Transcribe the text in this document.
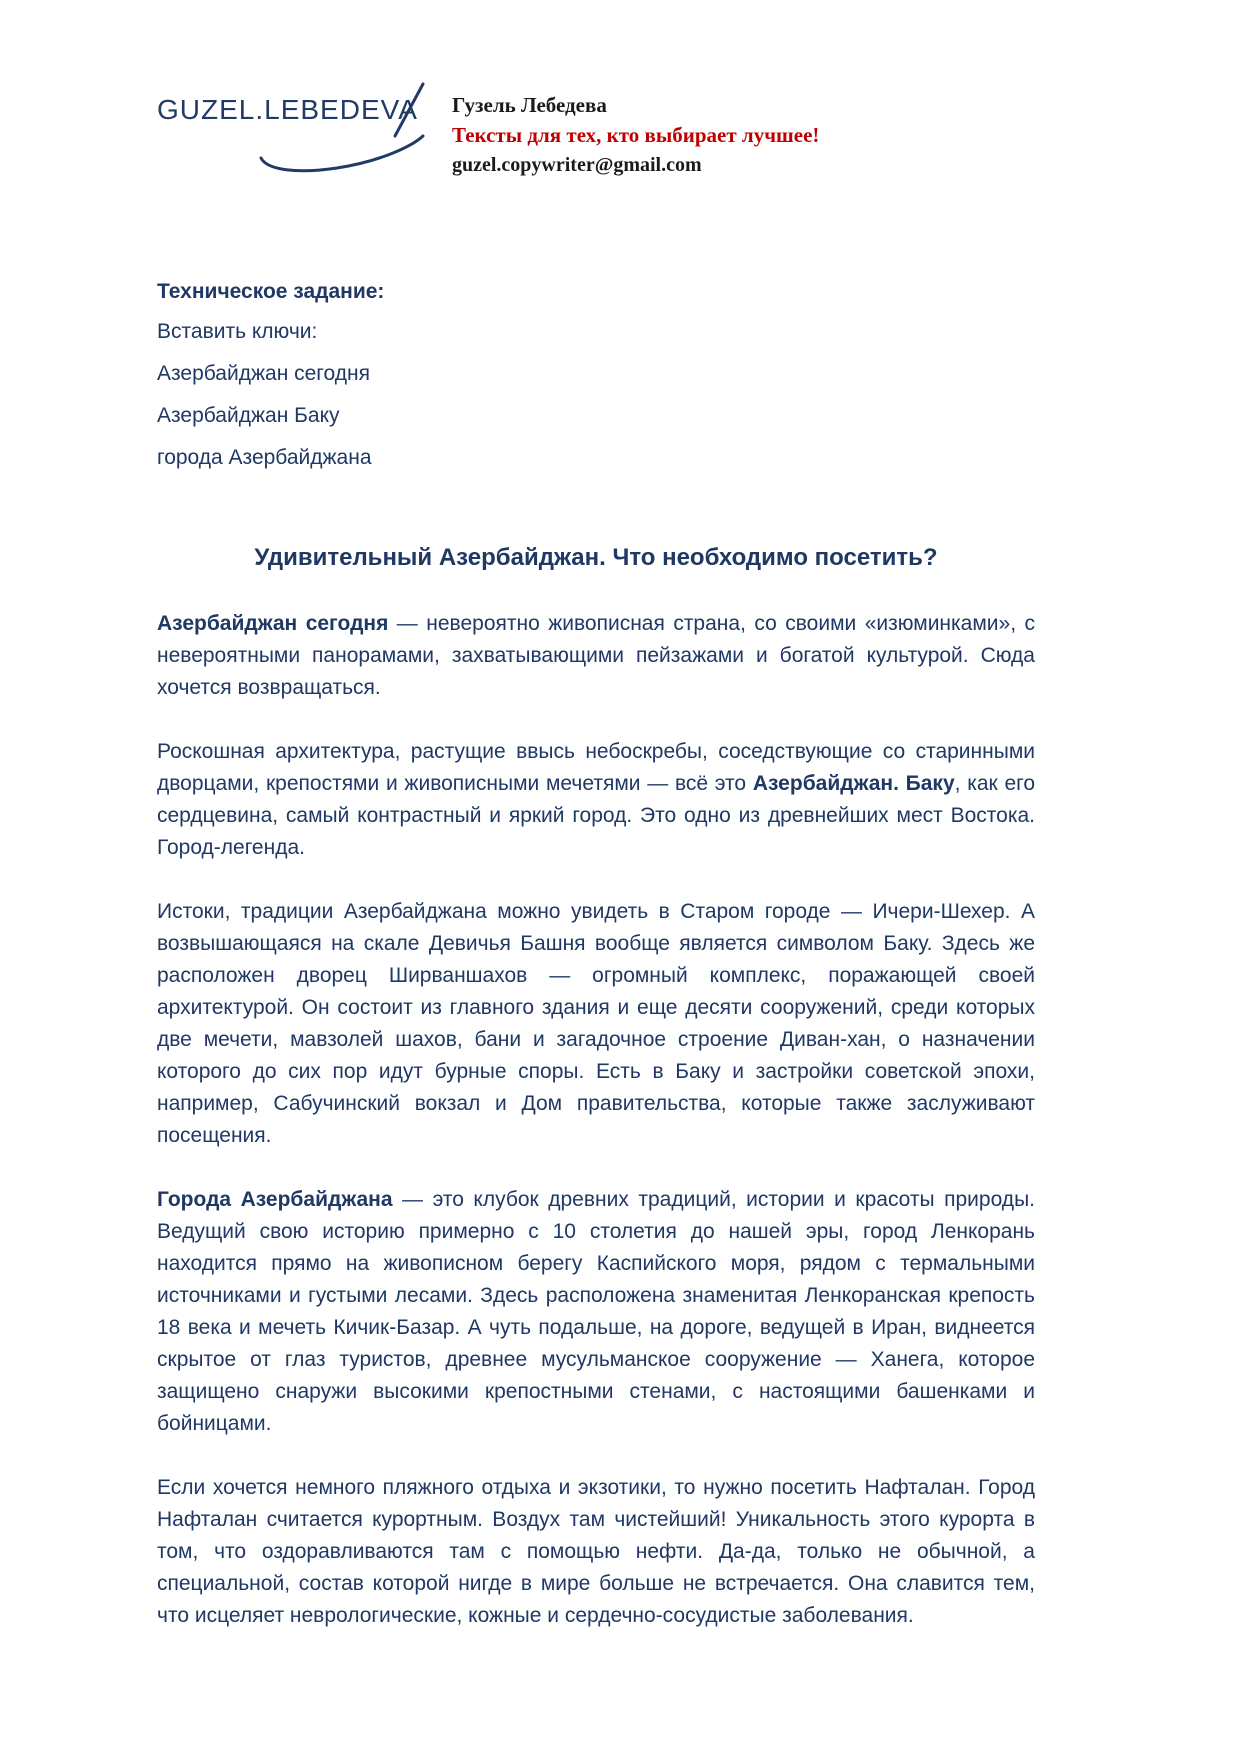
GUZEL.LEBEDEVA	Гузель Лебедева
Тексты для тех, кто выбирает лучшее!
guzel.copywriter@gmail.com

Техническое задание:

Вставить ключи:

Азербайджан сегодня

Азербайджан Баку

города Азербайджана

Удивительный Азербайджан. Что необходимо посетить?

Азербайджан сегодня — невероятно живописная страна, со своими «изюминками», с невероятными панорамами, захватывающими пейзажами и богатой культурой. Сюда хочется возвращаться.

Роскошная архитектура, растущие ввысь небоскребы, соседствующие со старинными дворцами, крепостями и живописными мечетями — всё это Азербайджан. Баку, как его сердцевина, самый контрастный и яркий город. Это одно из древнейших мест Востока. Город-легенда.

Истоки, традиции Азербайджана можно увидеть в Старом городе — Ичери-Шехер. А возвышающаяся на скале Девичья Башня вообще является символом Баку. Здесь же расположен дворец Ширваншахов — огромный комплекс, поражающей своей архитектурой. Он состоит из главного здания и еще десяти сооружений, среди которых две мечети, мавзолей шахов, бани и загадочное строение Диван-хан, о назначении которого до сих пор идут бурные споры. Есть в Баку и застройки советской эпохи, например, Сабучинский вокзал и Дом правительства, которые также заслуживают посещения.

Города Азербайджана — это клубок древних традиций, истории и красоты природы. Ведущий свою историю примерно с 10 столетия до нашей эры, город Ленкорань находится прямо на живописном берегу Каспийского моря, рядом с термальными источниками и густыми лесами. Здесь расположена знаменитая Ленкоранская крепость 18 века и мечеть Кичик-Базар. А чуть подальше, на дороге, ведущей в Иран, виднеется скрытое от глаз туристов, древнее мусульманское сооружение — Ханега, которое защищено снаружи высокими крепостными стенами, с настоящими башенками и бойницами.

Если хочется немного пляжного отдыха и экзотики, то нужно посетить Нафталан. Город Нафталан считается курортным. Воздух там чистейший! Уникальность этого курорта в том, что оздоравливаются там с помощью нефти. Да-да, только не обычной, а специальной, состав которой нигде в мире больше не встречается. Она славится тем, что исцеляет неврологические, кожные и сердечно-сосудистые заболевания.
